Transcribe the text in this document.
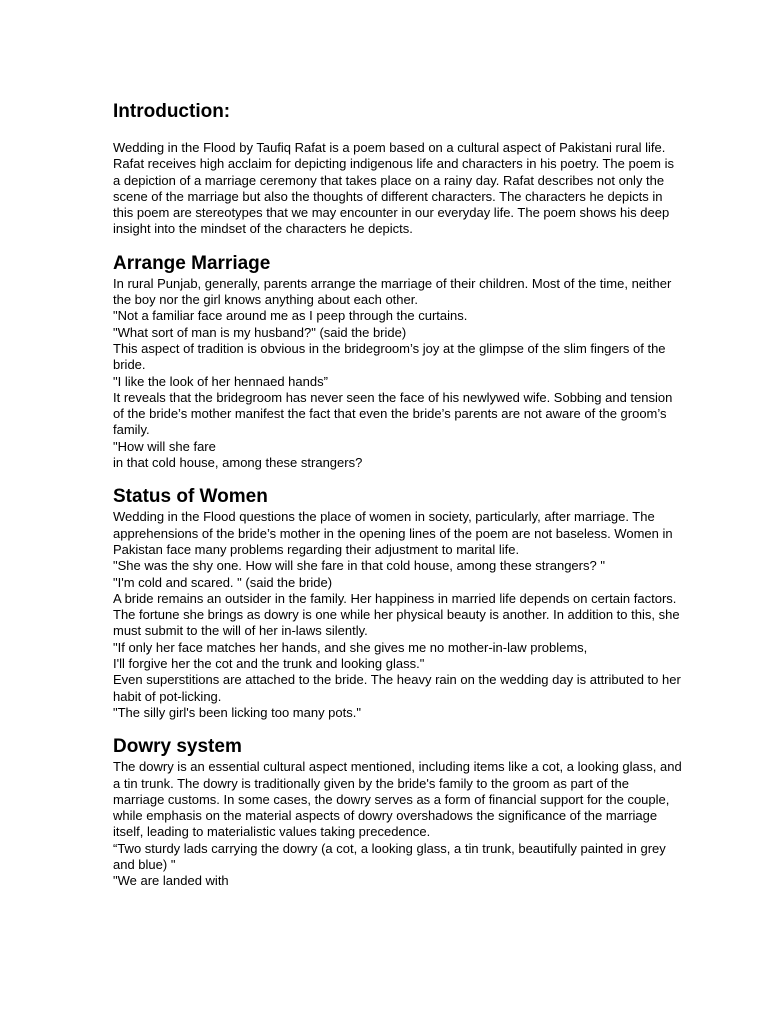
Introduction:

Wedding in the Flood by Taufiq Rafat is a poem based on a cultural aspect of Pakistani rural life. Rafat receives high acclaim for depicting indigenous life and characters in his poetry. The poem is a depiction of a marriage ceremony that takes place on a rainy day. Rafat describes not only the scene of the marriage but also the thoughts of different characters. The characters he depicts in this poem are stereotypes that we may encounter in our everyday life. The poem shows his deep insight into the mindset of the characters he depicts.

Arrange Marriage

In rural Punjab, generally, parents arrange the marriage of their children. Most of the time, neither the boy nor the girl knows anything about each other.

"Not a familiar face around me as I peep through the curtains.

"What sort of man is my husband?" (said the bride)

This aspect of tradition is obvious in the bridegroom’s joy at the glimpse of the slim fingers of the bride.

"I like the look of her hennaed hands”

It reveals that the bridegroom has never seen the face of his newlywed wife. Sobbing and tension of the bride’s mother manifest the fact that even the bride’s parents are not aware of the groom’s family.

"How will she fare

in that cold house, among these strangers?

Status of Women

Wedding in the Flood questions the place of women in society, particularly, after marriage. The apprehensions of the bride’s mother in the opening lines of the poem are not baseless. Women in Pakistan face many problems regarding their adjustment to marital life.

"She was the shy one. How will she fare in that cold house, among these strangers? "

"I'm cold and scared. " (said the bride)

A bride remains an outsider in the family. Her happiness in married life depends on certain factors. The fortune she brings as dowry is one while her physical beauty is another. In addition to this, she must submit to the will of her in-laws silently.

"If only her face matches her hands, and she gives me no mother-in-law problems,

I'll forgive her the cot and the trunk and looking glass."

Even superstitions are attached to the bride. The heavy rain on the wedding day is attributed to her habit of pot-licking.

"The silly girl's been licking too many pots."

Dowry system

The dowry is an essential cultural aspect mentioned, including items like a cot, a looking glass, and a tin trunk. The dowry is traditionally given by the bride's family to the groom as part of the marriage customs. In some cases, the dowry serves as a form of financial support for the couple, while emphasis on the material aspects of dowry overshadows the significance of the marriage itself, leading to materialistic values taking precedence.

“Two sturdy lads carrying the dowry (a cot, a looking glass, a tin trunk, beautifully painted in grey and blue) "

"We are landed with
